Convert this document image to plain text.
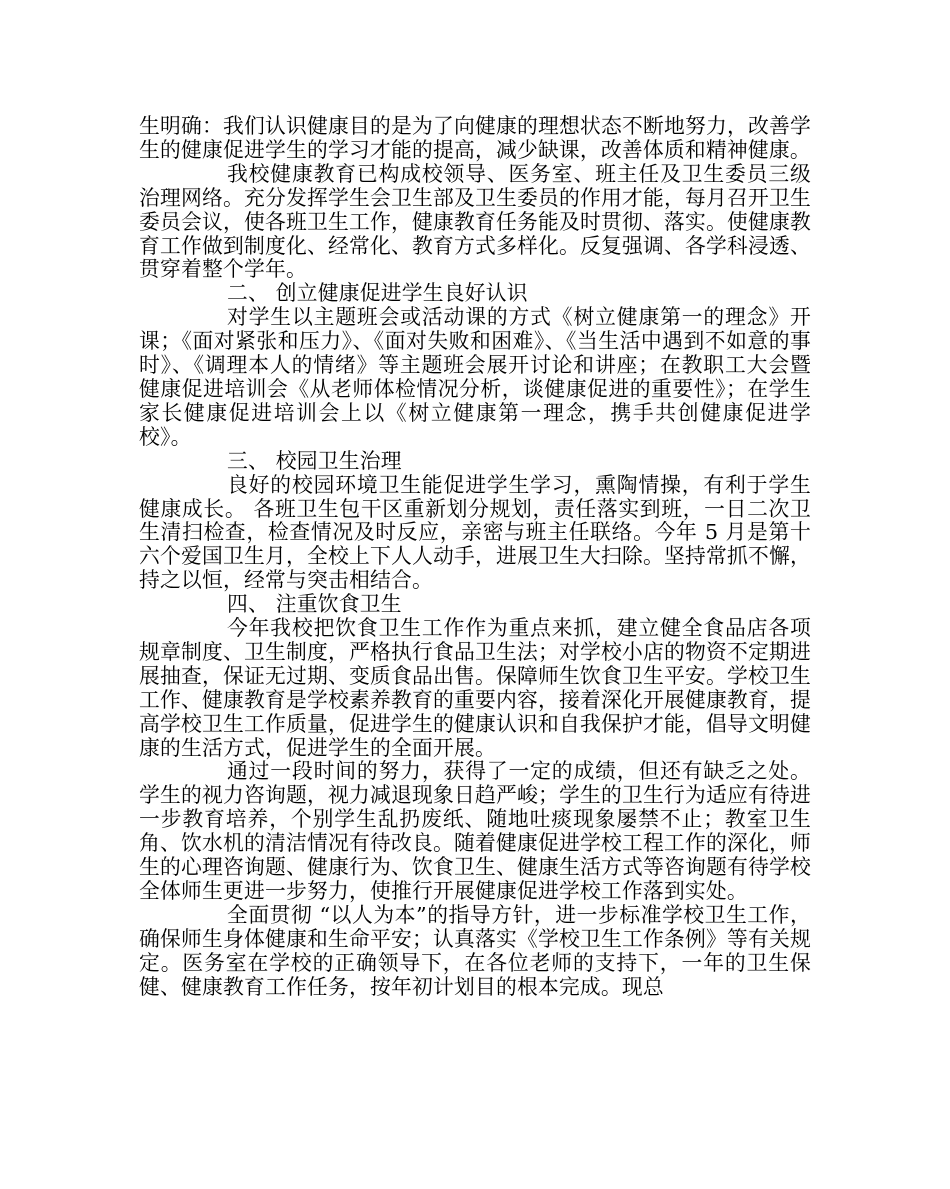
生明确：我们认识健康目的是为了向健康的理想状态不断地努力，改善学生的健康促进学生的学习才能的提高，减少缺课，改善体质和精神健康。

我校健康教育已构成校领导、医务室、班主任及卫生委员三级治理网络。充分发挥学生会卫生部及卫生委员的作用才能，每月召开卫生委员会议，使各班卫生工作，健康教育任务能及时贯彻、落实。使健康教育工作做到制度化、经常化、教育方式多样化。反复强调、各学科浸透、贯穿着整个学年。

二、 创立健康促进学生良好认识

对学生以主题班会或活动课的方式《树立健康第一的理念》开课；《面对紧张和压力》、《面对失败和困难》、《当生活中遇到不如意的事时》、《调理本人的情绪》等主题班会展开讨论和讲座；在教职工大会暨健康促进培训会《从老师体检情况分析，谈健康促进的重要性》；在学生家长健康促进培训会上以《树立健康第一理念，携手共创健康促进学校》。

三、 校园卫生治理

良好的校园环境卫生能促进学生学习，熏陶情操，有利于学生健康成长。 各班卫生包干区重新划分规划，责任落实到班，一日二次卫生清扫检查，检查情况及时反应，亲密与班主任联络。今年 5 月是第十六个爱国卫生月，全校上下人人动手，进展卫生大扫除。坚持常抓不懈，持之以恒，经常与突击相结合。

四、 注重饮食卫生

今年我校把饮食卫生工作作为重点来抓，建立健全食品店各项规章制度、卫生制度，严格执行食品卫生法；对学校小店的物资不定期进展抽查，保证无过期、变质食品出售。保障师生饮食卫生平安。学校卫生工作、健康教育是学校素养教育的重要内容，接着深化开展健康教育，提高学校卫生工作质量，促进学生的健康认识和自我保护才能，倡导文明健康的生活方式，促进学生的全面开展。

通过一段时间的努力，获得了一定的成绩，但还有缺乏之处。学生的视力咨询题，视力减退现象日趋严峻；学生的卫生行为适应有待进一步教育培养，个别学生乱扔废纸、随地吐痰现象屡禁不止；教室卫生角、饮水机的清洁情况有待改良。随着健康促进学校工程工作的深化，师生的心理咨询题、健康行为、饮食卫生、健康生活方式等咨询题有待学校全体师生更进一步努力，使推行开展健康促进学校工作落到实处。

全面贯彻 “以人为本”的指导方针，进一步标准学校卫生工作，确保师生身体健康和生命平安；认真落实《学校卫生工作条例》等有关规定。医务室在学校的正确领导下，在各位老师的支持下，一年的卫生保健、健康教育工作任务，按年初计划目的根本完成。现总
